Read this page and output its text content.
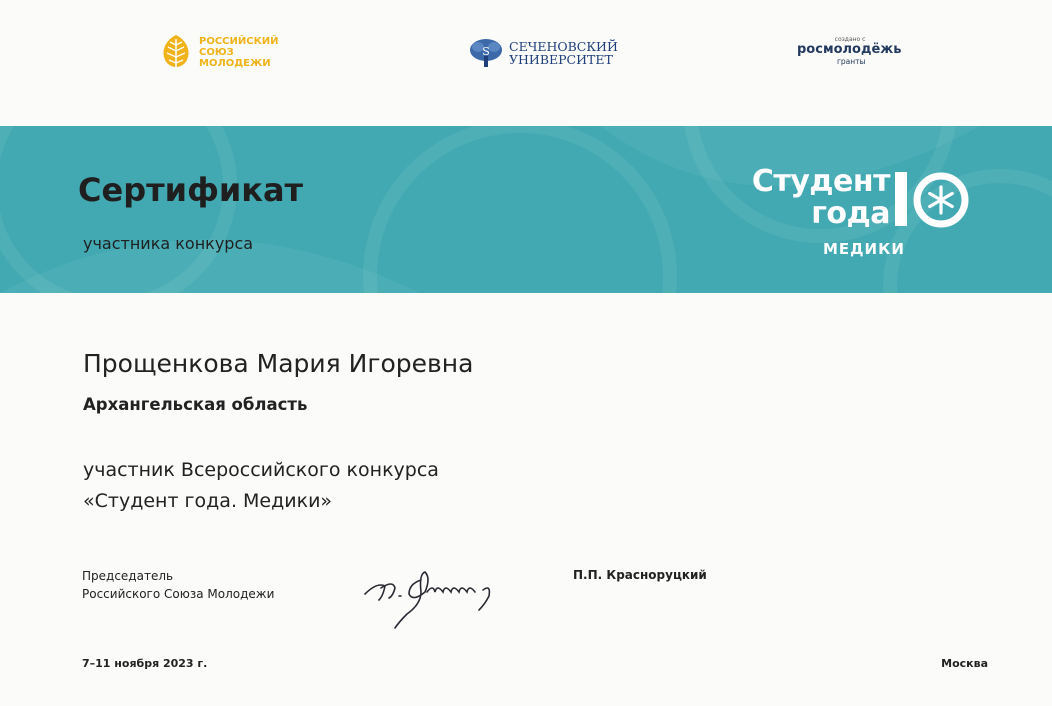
РОССИЙСКИЙ
СОЮЗ
МОЛОДЕЖИ
S СЕЧЕНОВСКИЙ
УНИВЕРСИТЕТ
создано с
росмолодёжь
гранты
Сертификат
участника конкурса
Студент
года
МЕДИКИ
Прощенкова Мария Игоревна
Архангельская область
участник Всероссийского конкурса
«Студент года. Медики»
Председатель
Российского Союза Молодежи
П.П. Красноруцкий
7–11 ноября 2023 г.	Москва
